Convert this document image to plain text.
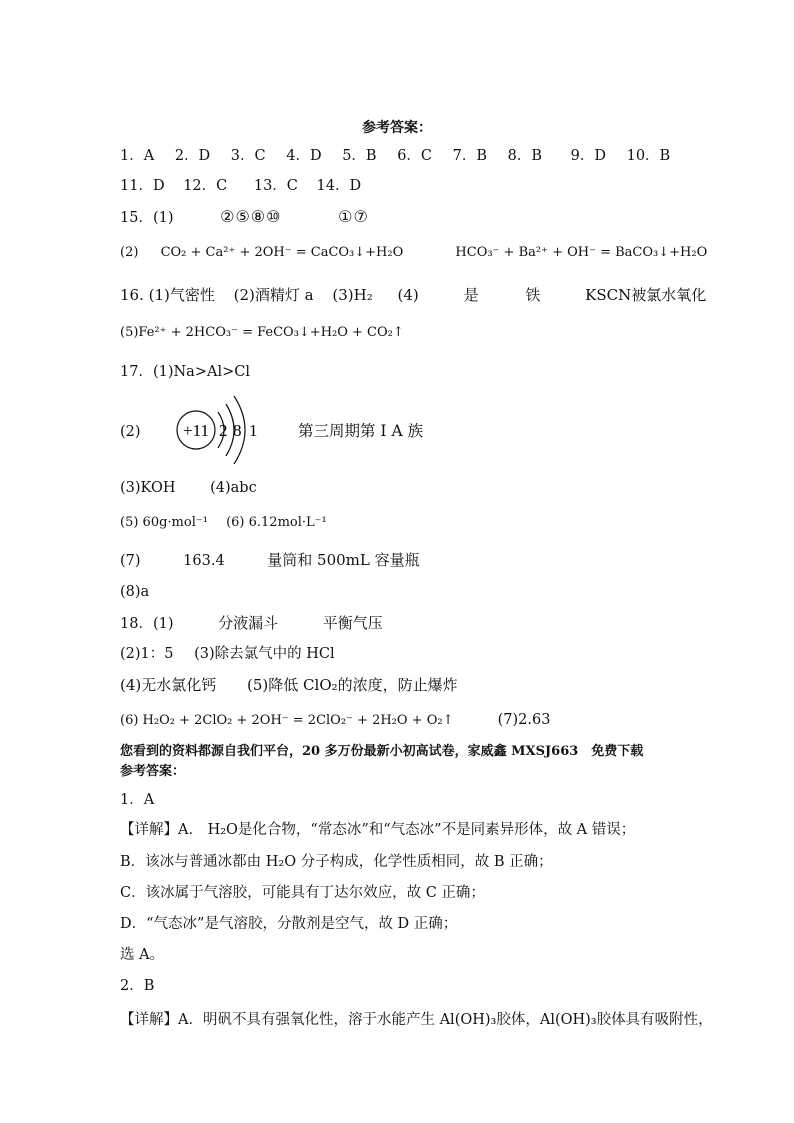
参考答案：
1．A 2．D 3．C 4．D 5．B 6．C 7．B 8．B 9．D 10．B
11．D 12．C 13．C 14．D
15．(1)	②⑤⑧⑩	①⑦
(2) CO₂ + Ca²⁺ + 2OH⁻ = CaCO₃↓+H₂O	HCO₃⁻ + Ba²⁺ + OH⁻ = BaCO₃↓+H₂O
16. (1)气密性 (2)酒精灯 a (3)H₂ (4)	是	铁	KSCN被氯水氧化
(5)Fe²⁺ + 2HCO₃⁻ = FeCO₃↓+H₂O + CO₂↑
17．(1)Na>Al>Cl
(2) +11 2 8 1	第三周期第 I A 族
(3)KOH (4)abc
(5) 60g·mol⁻¹ (6) 6.12mol·L⁻¹
(7)	163.4	量筒和 500mL 容量瓶
(8)a
18．(1)	分液漏斗	平衡气压
(2)1：5 (3)除去氯气中的 HCl
(4)无水氯化钙 (5)降低 ClO₂的浓度，防止爆炸
(6) H₂O₂ + 2ClO₂ + 2OH⁻ = 2ClO₂⁻ + 2H₂O + O₂↑	(7)2.63
您看到的资料都源自我们平台，20 多万份最新小初高试卷，家威鑫 MXSJ663　免费下载
参考答案：
1．A
【详解】A． H₂O是化合物，“常态冰”和“气态冰”不是同素异形体，故 A 错误；
B．该冰与普通冰都由 H₂O 分子构成，化学性质相同，故 B 正确；
C．该冰属于气溶胶，可能具有丁达尔效应，故 C 正确；
D．“气态冰”是气溶胶，分散剂是空气，故 D 正确；
选 A。
2．B
【详解】A．明矾不具有强氧化性，溶于水能产生 Al(OH)₃胶体，Al(OH)₃胶体具有吸附性，
